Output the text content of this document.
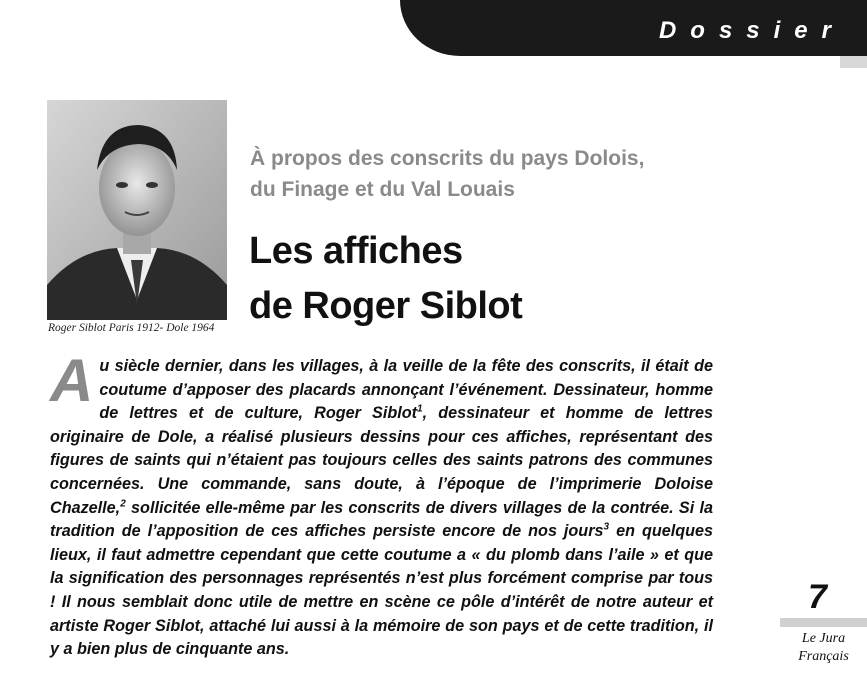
Dossier
Roger Siblot Paris 1912- Dole 1964
À propos des conscrits du pays Dolois,
du Finage et du Val Louais
Les affiches
de Roger Siblot
Au siècle dernier, dans les villages, à la veille de la fête des conscrits, il était de coutume d’apposer des placards annonçant l’événement. Dessinateur, homme de lettres et de culture, Roger Siblot$^1$, dessinateur et homme de lettres originaire de Dole, a réalisé plusieurs dessins pour ces affiches, représentant des figures de saints qui n’étaient pas toujours celles des saints patrons des communes concernées. Une commande, sans doute, à l’époque de l’imprimerie Doloise Chazelle,$^2$ sollicitée elle-même par les conscrits de divers villages de la contrée. Si la tradition de l’apposition de ces affiches persiste encore de nos jours$^3$ en quelques lieux, il faut admettre cependant que cette coutume a « du plomb dans l’aile » et que la signification des personnages représentés n’est plus forcément comprise par tous ! Il nous semblait donc utile de mettre en scène ce pôle d’intérêt de notre auteur et artiste Roger Siblot, attaché lui aussi à la mémoire de son pays et de cette tradition, il y a bien plus de cinquante ans.
7
Le Jura
Français
